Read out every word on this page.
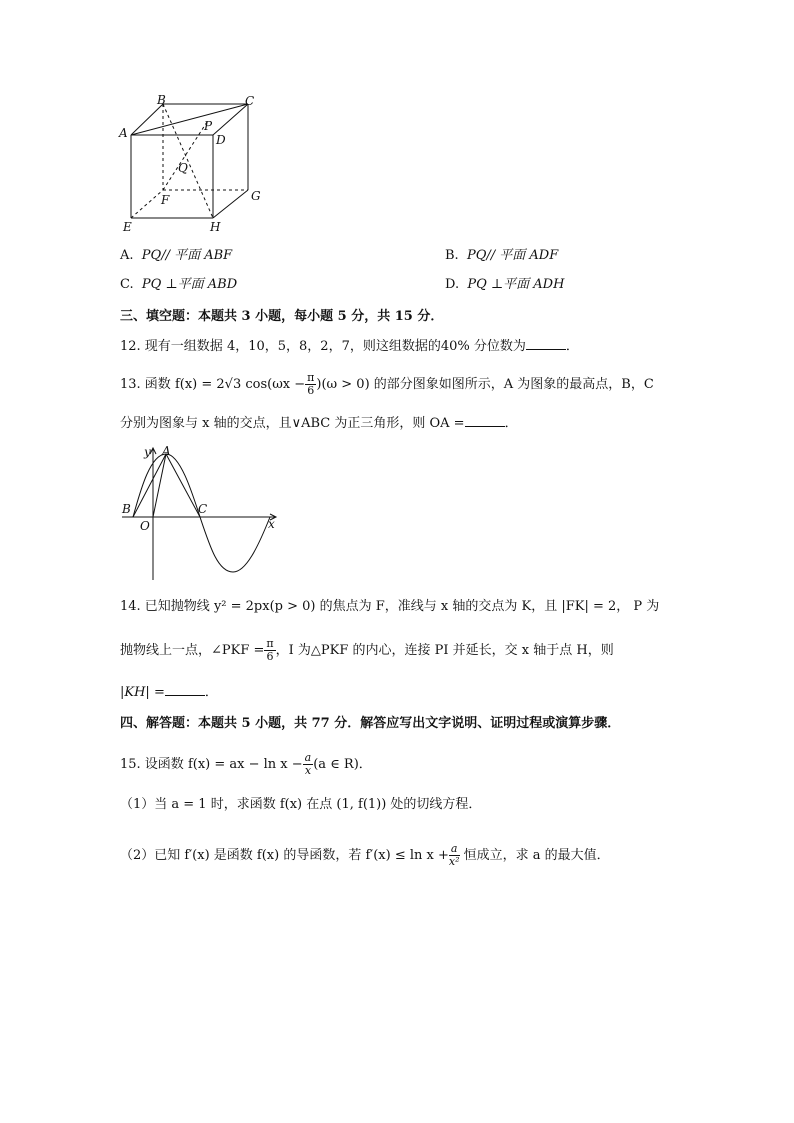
B	C
A	P
D
Q
F	G
E	H
A. PQ// 平面 ABF	B. PQ// 平面 ADF
C. PQ ⊥平面 ABD	D. PQ ⊥平面 ADH
三、填空题：本题共 3 小题，每小题 5 分，共 15 分．
12. 现有一组数据 4，10，5，8，2，7，则这组数据的40% 分位数为	．
13. 函数 f(x) = 2√3 $\cos(\omega x - \frac{\pi}{6} )(\omega > 0)$ 的部分图象如图所示，A 为图象的最高点，B，C
分别为图象与 x 轴的交点，且∨ABC 为正三角形，则 OA =	．
y A
B
O
C
x
14. 已知抛物线 y² = 2px(p > 0) 的焦点为 F，准线与 x 轴的交点为 K，且 |FK| = 2， P 为
抛物线上一点，∠PKF = $\frac{\pi}{6}$ ，I 为△PKF 的内心，连接 PI 并延长，交 x 轴于点 H，则
|KH| =	．
四、解答题：本题共 5 小题，共 77 分．解答应写出文字说明、证明过程或演算步骤．
15. 设函数 f(x) = ax − $\ln x - \frac{a}{x} (a$ ∈ R)．
（1）当 a = 1 时，求函数 f(x) 在点 (1, f(1)) 处的切线方程．
（2）已知 f′(x) 是函数 f(x) 的导函数，若 $f'(x) \le \ln x + \frac{a}{\text{x²}}$ 恒成立，求 a 的最大值．
